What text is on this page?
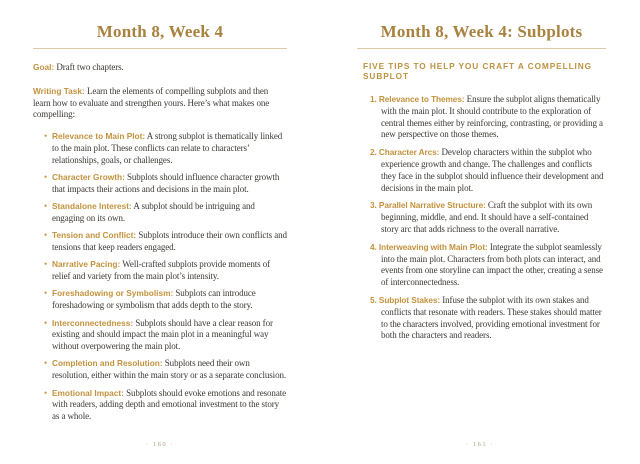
Month 8, Week 4

Goal: Draft two chapters.

Writing Task: Learn the elements of compelling subplots and then learn how to evaluate and strengthen yours. Here’s what makes one compelling:

• Relevance to Main Plot: A strong subplot is thematically linked to the main plot. These conflicts can relate to characters’ relationships, goals, or challenges.
• Character Growth: Subplots should influence character growth that impacts their actions and decisions in the main plot.
• Standalone Interest: A subplot should be intriguing and engaging on its own.
• Tension and Conflict: Subplots introduce their own conflicts and tensions that keep readers engaged.
• Narrative Pacing: Well-crafted subplots provide moments of relief and variety from the main plot’s intensity.
• Foreshadowing or Symbolism: Subplots can introduce foreshadowing or symbolism that adds depth to the story.
• Interconnectedness: Subplots should have a clear reason for existing and should impact the main plot in a meaningful way without overpowering the main plot.
• Completion and Resolution: Subplots need their own resolution, either within the main story or as a separate conclusion.
• Emotional Impact: Subplots should evoke emotions and resonate with readers, adding depth and emotional investment to the story as a whole.
· 160 ·
Month 8, Week 4: Subplots
FIVE TIPS TO HELP YOU CRAFT A COMPELLING SUBPLOT
1. Relevance to Themes: Ensure the subplot aligns thematically with the main plot. It should contribute to the exploration of central themes either by reinforcing, contrasting, or providing a new perspective on those themes.
2. Character Arcs: Develop characters within the subplot who experience growth and change. The challenges and conflicts they face in the subplot should influence their development and decisions in the main plot.
3. Parallel Narrative Structure: Craft the subplot with its own beginning, middle, and end. It should have a self-contained story arc that adds richness to the overall narrative.
4. Interweaving with Main Plot: Integrate the subplot seamlessly into the main plot. Characters from both plots can interact, and events from one storyline can impact the other, creating a sense of interconnectedness.
5. Subplot Stakes: Infuse the subplot with its own stakes and conflicts that resonate with readers. These stakes should matter to the characters involved, providing emotional investment for both the characters and readers.
· 161 ·
